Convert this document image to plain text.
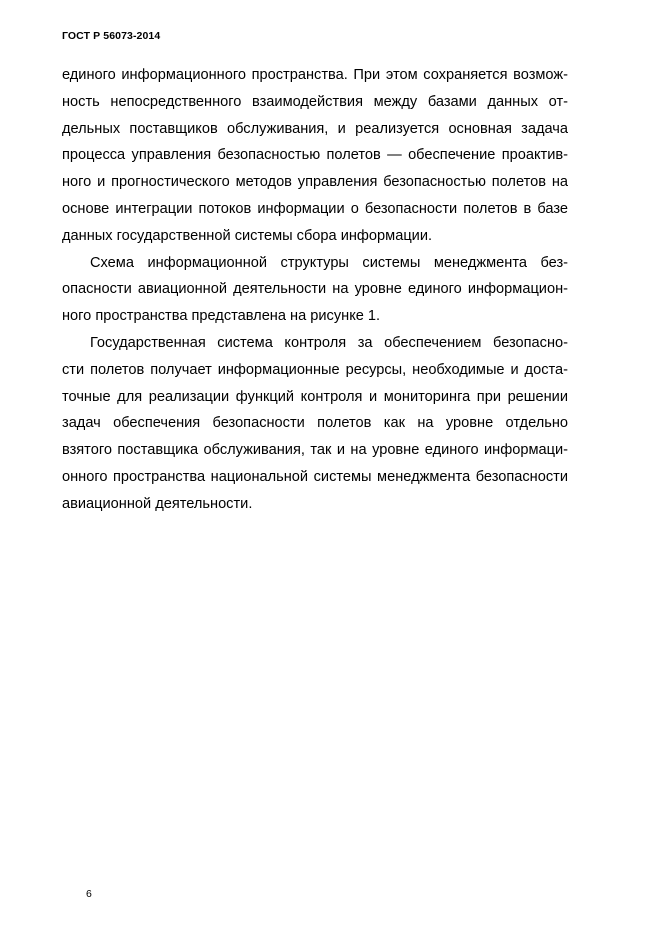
ГОСТ Р 56073-2014
единого информационного пространства. При этом сохраняется возмож-
ность непосредственного взаимодействия между базами данных от-
дельных поставщиков обслуживания, и реализуется основная задача
процесса управления безопасностью полетов — обеспечение проактив-
ного и прогностического методов управления безопасностью полетов на
основе интеграции потоков информации о безопасности полетов в базе
данных государственной системы сбора информации.
Схема информационной структуры системы менеджмента без-
опасности авиационной деятельности на уровне единого информацион-
ного пространства представлена на рисунке 1.
Государственная система контроля за обеспечением безопасно-
сти полетов получает информационные ресурсы, необходимые и доста-
точные для реализации функций контроля и мониторинга при решении
задач обеспечения безопасности полетов как на уровне отдельно
взятого поставщика обслуживания, так и на уровне единого информаци-
онного пространства национальной системы менеджмента безопасности
авиационной деятельности.
6
